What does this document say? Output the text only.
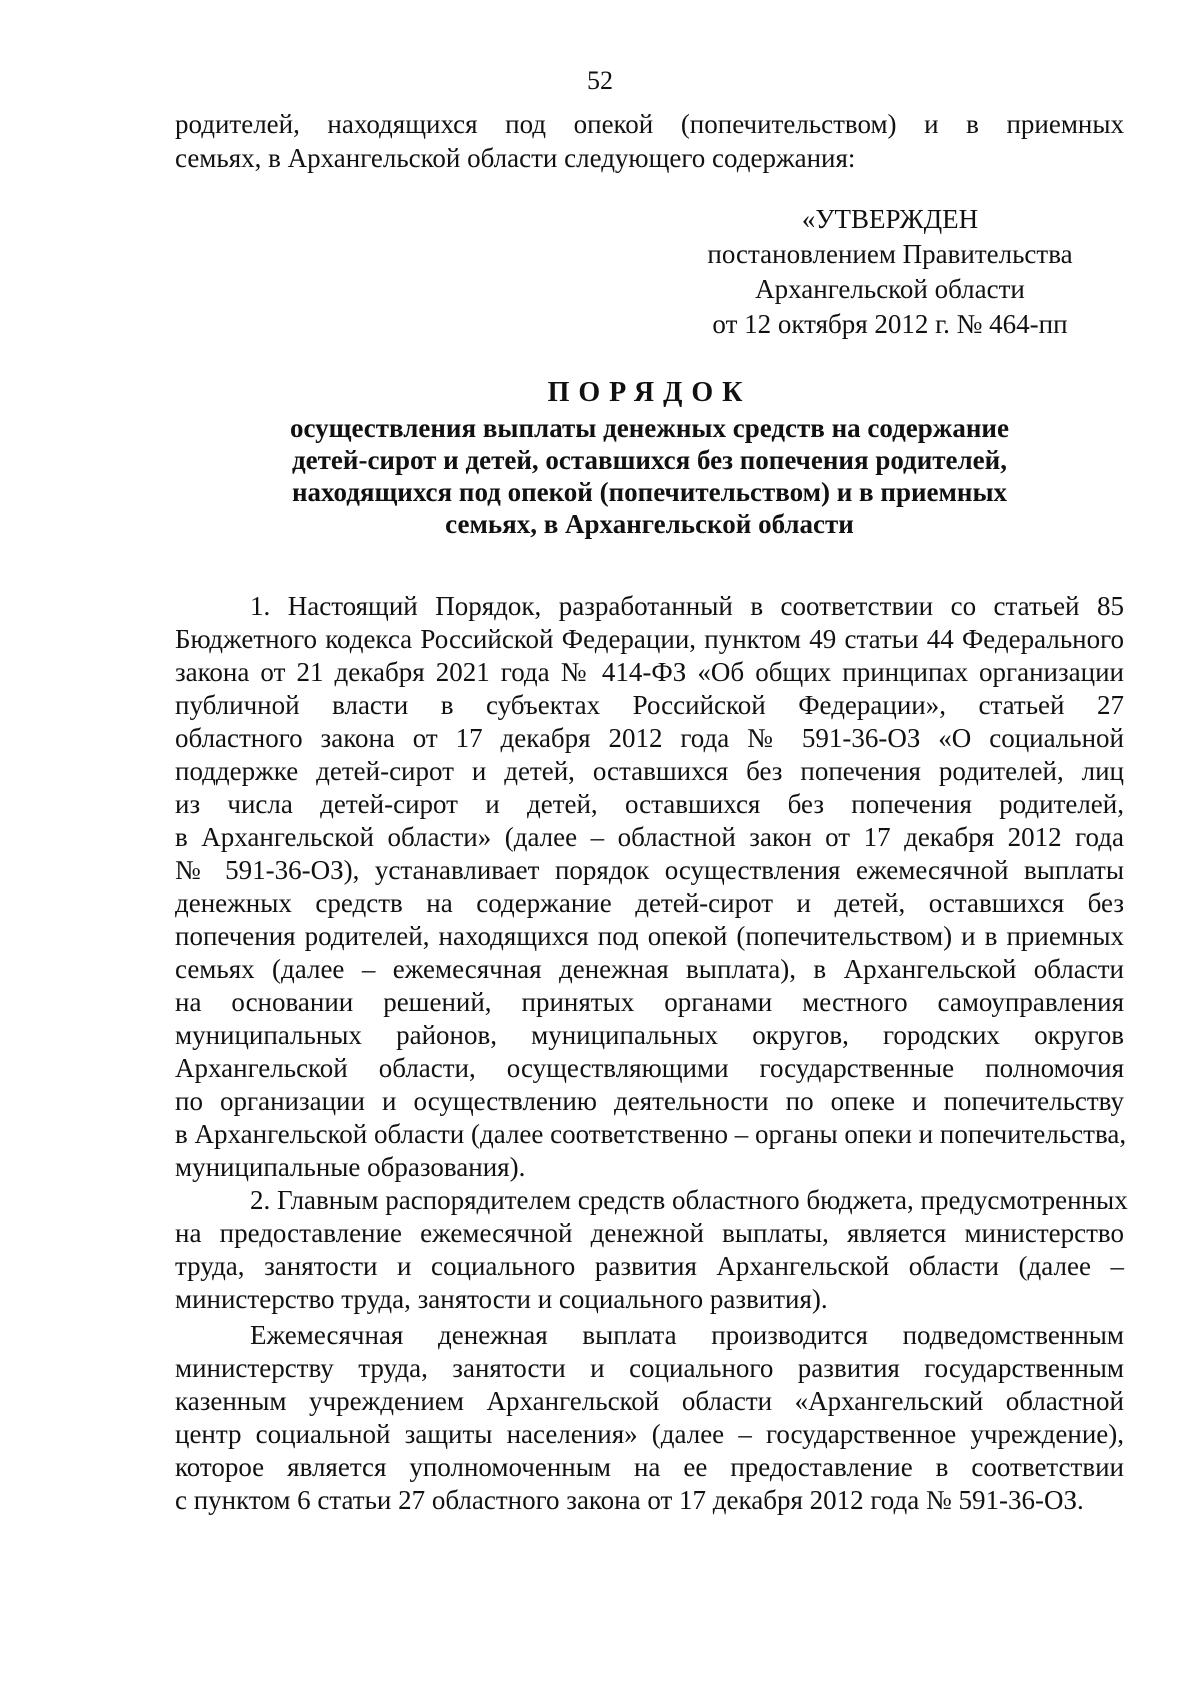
52
родителей, находящихся под опекой (попечительством) и в приемных
семьях, в Архангельской области следующего содержания:
«УТВЕРЖДЕН
постановлением Правительства
Архангельской области
от 12 октября 2012 г. № 464-пп
ПОРЯДОК
осуществления выплаты денежных средств на содержание
детей-сирот и детей, оставшихся без попечения родителей,
находящихся под опекой (попечительством) и в приемных
семьях, в Архангельской области
1. Настоящий Порядок, разработанный в соответствии со статьей 85
Бюджетного кодекса Российской Федерации, пунктом 49 статьи 44 Федерального
закона от 21 декабря 2021 года № 414-ФЗ «Об общих принципах организации
публичной власти в субъектах Российской Федерации», статьей 27
областного закона от 17 декабря 2012 года № 591-36-ОЗ «О социальной
поддержке детей-сирот и детей, оставшихся без попечения родителей, лиц
из числа детей-сирот и детей, оставшихся без попечения родителей,
в Архангельской области» (далее – областной закон от 17 декабря 2012 года
№ 591-36-ОЗ), устанавливает порядок осуществления ежемесячной выплаты
денежных средств на содержание детей-сирот и детей, оставшихся без
попечения родителей, находящихся под опекой (попечительством) и в приемных
семьях (далее – ежемесячная денежная выплата), в Архангельской области
на основании решений, принятых органами местного самоуправления
муниципальных районов, муниципальных округов, городских округов
Архангельской области, осуществляющими государственные полномочия
по организации и осуществлению деятельности по опеке и попечительству
в Архангельской области (далее соответственно – органы опеки и попечительства,
муниципальные образования).
2. Главным распорядителем средств областного бюджета, предусмотренных
на предоставление ежемесячной денежной выплаты, является министерство
труда, занятости и социального развития Архангельской области (далее –
министерство труда, занятости и социального развития).
Ежемесячная денежная выплата производится подведомственным
министерству труда, занятости и социального развития государственным
казенным учреждением Архангельской области «Архангельский областной
центр социальной защиты населения» (далее – государственное учреждение),
которое является уполномоченным на ее предоставление в соответствии
с пунктом 6 статьи 27 областного закона от 17 декабря 2012 года № 591-36-ОЗ.
